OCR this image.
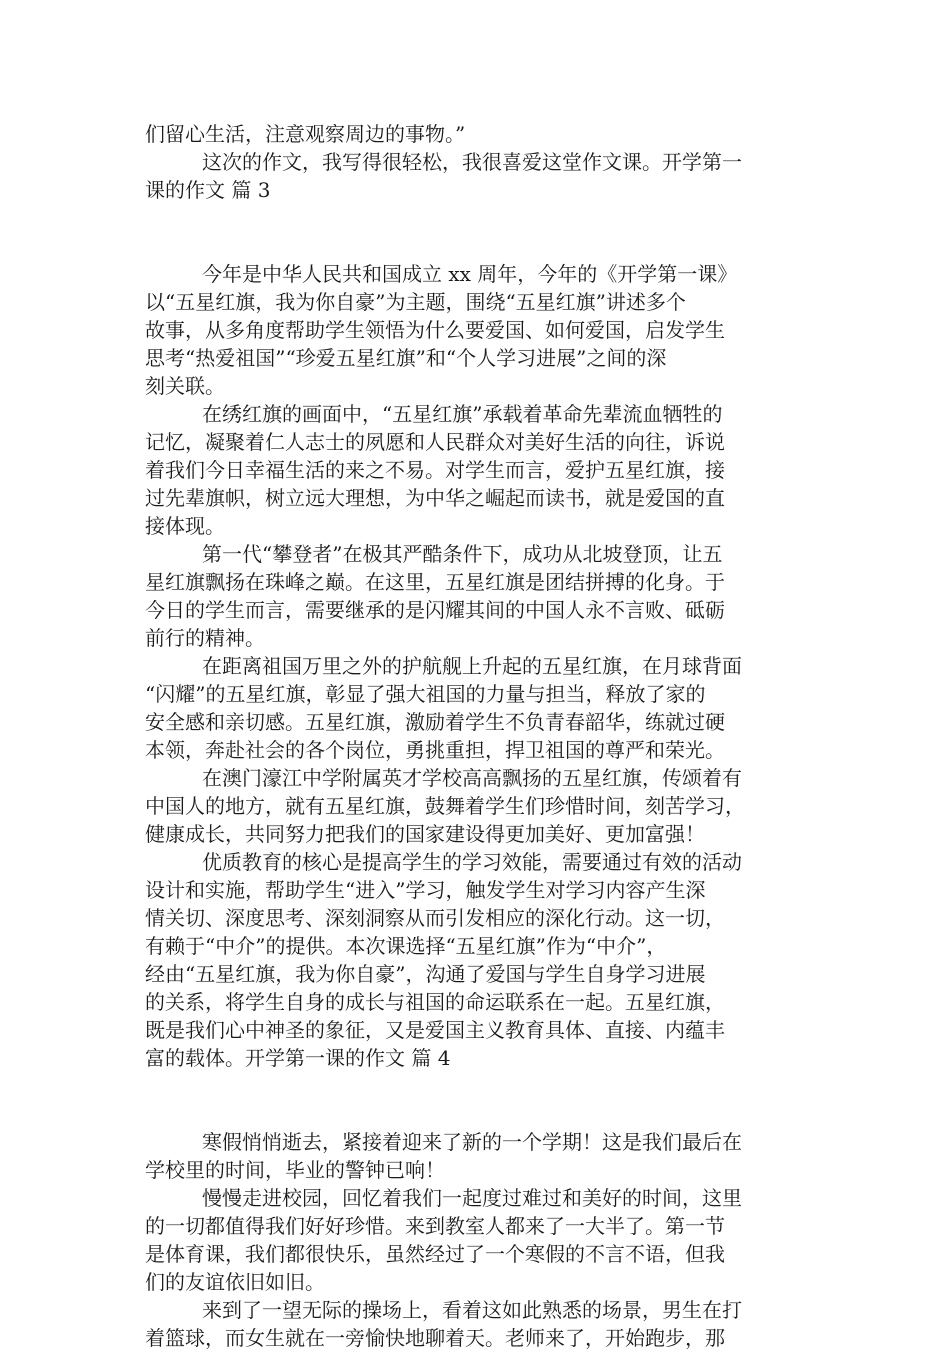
们留心生活，注意观察周边的事物。”
这次的作文，我写得很轻松，我很喜爱这堂作文课。开学第一
课的作文 篇 3
今年是中华人民共和国成立 xx 周年，今年的《开学第一课》
以“五星红旗，我为你自豪”为主题，围绕“五星红旗”讲述多个
故事，从多角度帮助学生领悟为什么要爱国、如何爱国，启发学生
思考“热爱祖国”“珍爱五星红旗”和“个人学习进展”之间的深
刻关联。
在绣红旗的画面中，“五星红旗”承载着革命先辈流血牺牲的
记忆，凝聚着仁人志士的夙愿和人民群众对美好生活的向往，诉说
着我们今日幸福生活的来之不易。对学生而言，爱护五星红旗，接
过先辈旗帜，树立远大理想，为中华之崛起而读书，就是爱国的直
接体现。
第一代“攀登者”在极其严酷条件下，成功从北坡登顶，让五
星红旗飘扬在珠峰之巅。在这里，五星红旗是团结拼搏的化身。于
今日的学生而言，需要继承的是闪耀其间的中国人永不言败、砥砺
前行的精神。
在距离祖国万里之外的护航舰上升起的五星红旗，在月球背面
“闪耀”的五星红旗，彰显了强大祖国的力量与担当，释放了家的
安全感和亲切感。五星红旗，激励着学生不负青春韶华，练就过硬
本领，奔赴社会的各个岗位，勇挑重担，捍卫祖国的尊严和荣光。
在澳门濠江中学附属英才学校高高飘扬的五星红旗，传颂着有
中国人的地方，就有五星红旗，鼓舞着学生们珍惜时间，刻苦学习，
健康成长，共同努力把我们的国家建设得更加美好、更加富强！
优质教育的核心是提高学生的学习效能，需要通过有效的活动
设计和实施，帮助学生“进入”学习，触发学生对学习内容产生深
情关切、深度思考、深刻洞察从而引发相应的深化行动。这一切，
有赖于“中介”的提供。本次课选择“五星红旗”作为“中介”，
经由“五星红旗，我为你自豪”，沟通了爱国与学生自身学习进展
的关系，将学生自身的成长与祖国的命运联系在一起。五星红旗，
既是我们心中神圣的象征，又是爱国主义教育具体、直接、内蕴丰
富的载体。开学第一课的作文 篇 4
寒假悄悄逝去，紧接着迎来了新的一个学期！这是我们最后在
学校里的时间，毕业的警钟已响！
慢慢走进校园，回忆着我们一起度过难过和美好的时间，这里
的一切都值得我们好好珍惜。来到教室人都来了一大半了。第一节
是体育课，我们都很快乐，虽然经过了一个寒假的不言不语，但我
们的友谊依旧如旧。
来到了一望无际的操场上，看着这如此熟悉的场景，男生在打
着篮球，而女生就在一旁愉快地聊着天。老师来了，开始跑步，那
